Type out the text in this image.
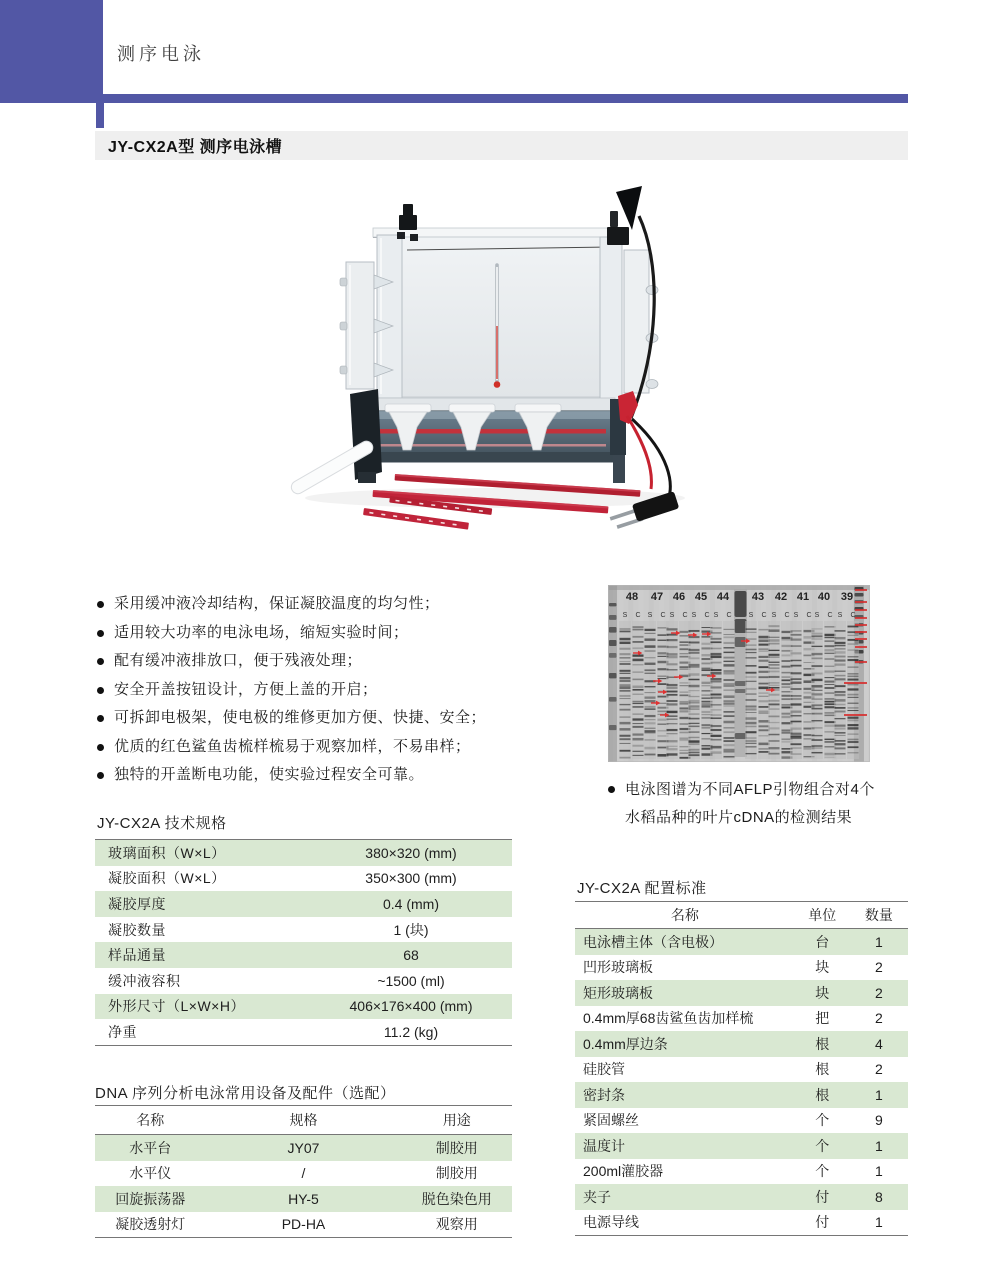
测序电泳
JY-CX2A型 测序电泳槽
采用缓冲液冷却结构，保证凝胶温度的均匀性；
适用较大功率的电泳电场，缩短实验时间；
配有缓冲液排放口，便于残液处理；
安全开盖按钮设计，方便上盖的开启；
可拆卸电极架，使电极的维修更加方便、快捷、安全；
优质的红色鲨鱼齿梳样梳易于观察加样，不易串样；
独特的开盖断电功能，使实验过程安全可靠。
48
S C
47
S C
46
S C
45
S C
44
S C
43
S C
42
S C
41
S C
40
S C
39
S C
电泳图谱为不同AFLP引物组合对4个
水稻品种的叶片cDNA的检测结果
JY-CX2A 技术规格
玻璃面积（W×L）	380×320 (mm)
凝胶面积（W×L）	350×300 (mm)
凝胶厚度	0.4 (mm)
凝胶数量	1 (块)
样品通量	68
缓冲液容积	~1500 (ml)
外形尺寸（L×W×H）	406×176×400 (mm)
净重	11.2 (kg)
DNA 序列分析电泳常用设备及配件（选配）
名称	规格	用途
水平台	JY07	制胶用
水平仪	/	制胶用
回旋振荡器	HY-5	脱色染色用
凝胶透射灯	PD-HA	观察用
JY-CX2A 配置标准
名称	单位	数量
电泳槽主体（含电极）	台	1
凹形玻璃板	块	2
矩形玻璃板	块	2
0.4mm厚68齿鲨鱼齿加样梳	把	2
0.4mm厚边条	根	4
硅胶管	根	2
密封条	根	1
紧固螺丝	个	9
温度计	个	1
200ml灌胶器	个	1
夹子	付	8
电源导线	付	1
